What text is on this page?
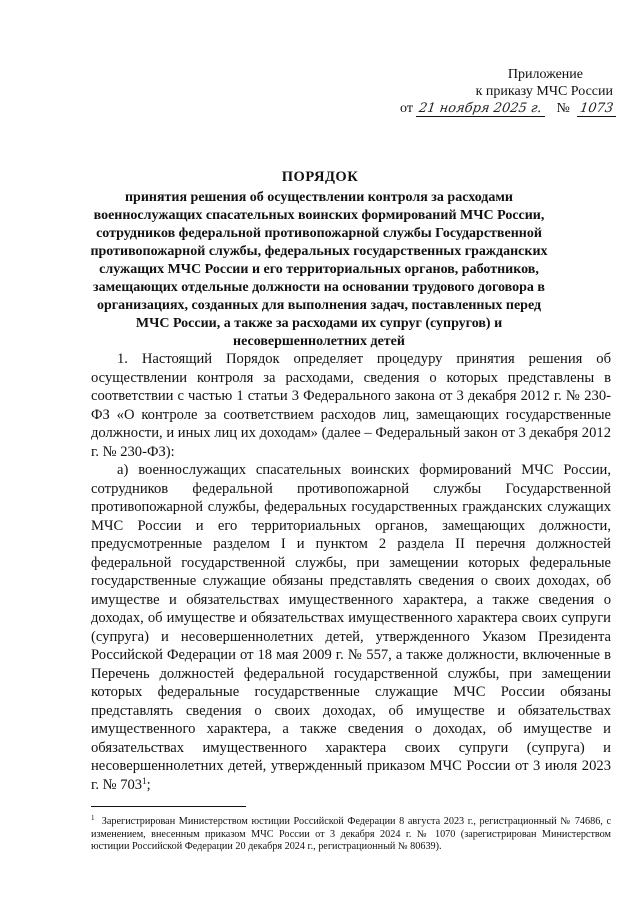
Приложение
к приказу МЧС России
от 21 ноября 2025 г. № 1073
ПОРЯДОК
принятия решения об осуществлении контроля за расходами военнослужащих спасательных воинских формирований МЧС России, сотрудников федеральной противопожарной службы Государственной противопожарной службы, федеральных государственных гражданских служащих МЧС России и его территориальных органов, работников, замещающих отдельные должности на основании трудового договора в организациях, созданных для выполнения задач, поставленных перед МЧС России, а также за расходами их супруг (супругов) и несовершеннолетних детей

1. Настоящий Порядок определяет процедуру принятия решения об осуществлении контроля за расходами, сведения о которых представлены в соответствии с частью 1 статьи 3 Федерального закона от 3 декабря 2012 г. № 230-ФЗ «О контроле за соответствием расходов лиц, замещающих государственные должности, и иных лиц их доходам» (далее – Федеральный закон от 3 декабря 2012 г. № 230-ФЗ):

а) военнослужащих спасательных воинских формирований МЧС России, сотрудников федеральной противопожарной службы Государственной противопожарной службы, федеральных государственных гражданских служащих МЧС России и его территориальных органов, замещающих должности, предусмотренные разделом I и пунктом 2 раздела II перечня должностей федеральной государственной службы, при замещении которых федеральные государственные служащие обязаны представлять сведения о своих доходах, об имуществе и обязательствах имущественного характера, а также сведения о доходах, об имуществе и обязательствах имущественного характера своих супруги (супруга) и несовершеннолетних детей, утвержденного Указом Президента Российской Федерации от 18 мая 2009 г. № 557, а также должности, включенные в Перечень должностей федеральной государственной службы, при замещении которых федеральные государственные служащие МЧС России обязаны представлять сведения о своих доходах, об имуществе и обязательствах имущественного характера, а также сведения о доходах, об имуществе и обязательствах имущественного характера своих супруги (супруга) и несовершеннолетних детей, утвержденный приказом МЧС России от 3 июля 2023 г. № $703^1$;

$^1$ Зарегистрирован Министерством юстиции Российской Федерации 8 августа 2023 г., регистрационный № 74686, с изменением, внесенным приказом МЧС России от 3 декабря 2024 г. № 1070 (зарегистрирован Министерством юстиции Российской Федерации 20 декабря 2024 г., регистрационный № 80639).
